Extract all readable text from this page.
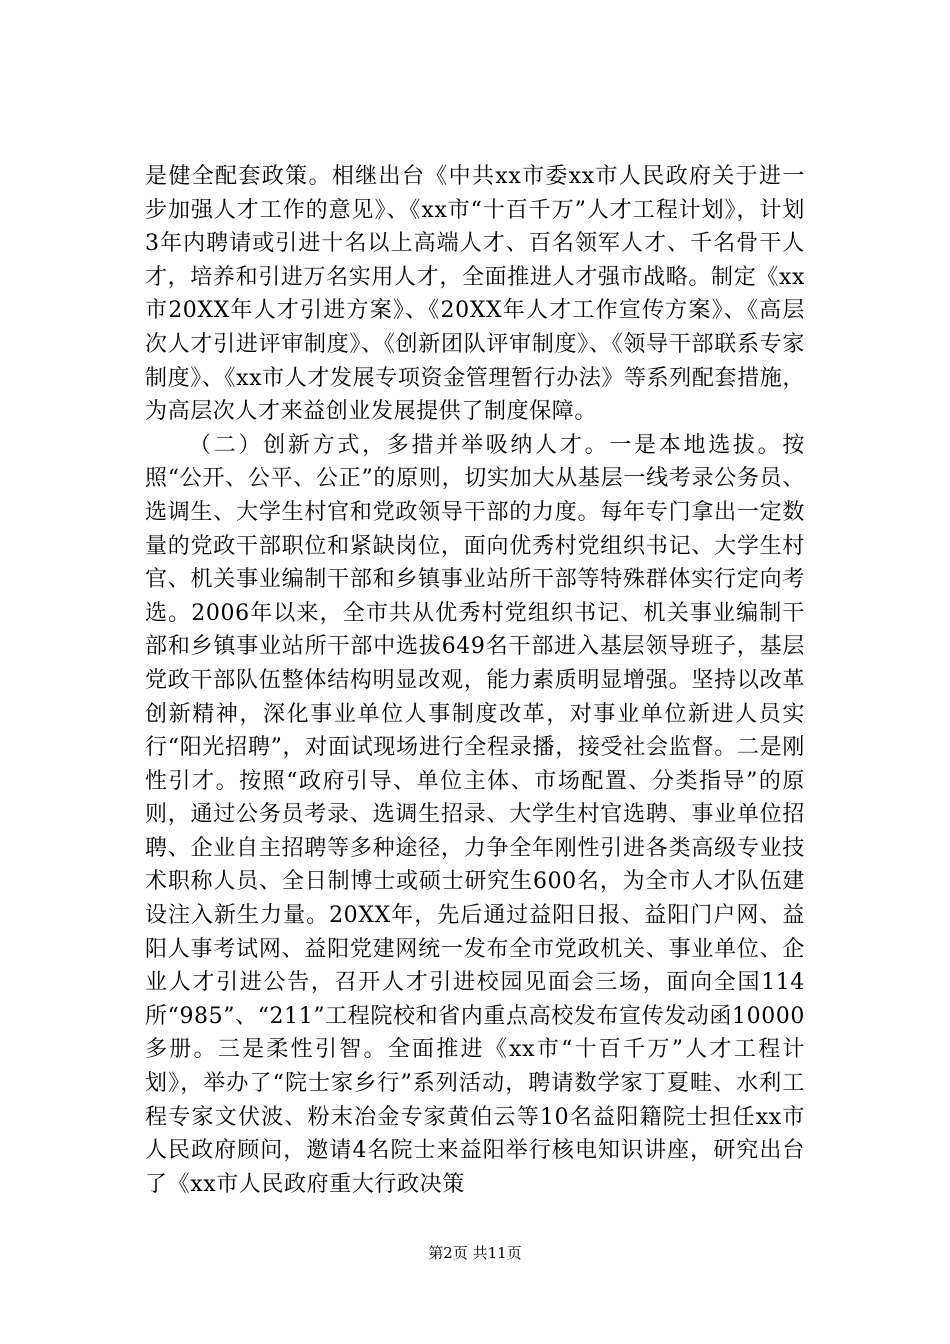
是健全配套政策。相继出台《中共xx市委xx市人民政府关于进一步加强人才工作的意见》、《xx市“十百千万”人才工程计划》，计划3年内聘请或引进十名以上高端人才、百名领军人才、千名骨干人才，培养和引进万名实用人才，全面推进人才强市战略。制定《xx市20XX年人才引进方案》、《20XX年人才工作宣传方案》、《高层次人才引进评审制度》、《创新团队评审制度》、《领导干部联系专家制度》、《xx市人才发展专项资金管理暂行办法》等系列配套措施，为高层次人才来益创业发展提供了制度保障。

（二）创新方式，多措并举吸纳人才。一是本地选拔。按照“公开、公平、公正”的原则，切实加大从基层一线考录公务员、选调生、大学生村官和党政领导干部的力度。每年专门拿出一定数量的党政干部职位和紧缺岗位，面向优秀村党组织书记、大学生村官、机关事业编制干部和乡镇事业站所干部等特殊群体实行定向考选。2006年以来，全市共从优秀村党组织书记、机关事业编制干部和乡镇事业站所干部中选拔649名干部进入基层领导班子，基层党政干部队伍整体结构明显改观，能力素质明显增强。坚持以改革创新精神，深化事业单位人事制度改革，对事业单位新进人员实行“阳光招聘”，对面试现场进行全程录播，接受社会监督。二是刚性引才。按照“政府引导、单位主体、市场配置、分类指导”的原则，通过公务员考录、选调生招录、大学生村官选聘、事业单位招聘、企业自主招聘等多种途径，力争全年刚性引进各类高级专业技术职称人员、全日制博士或硕士研究生600名，为全市人才队伍建设注入新生力量。20XX年，先后通过益阳日报、益阳门户网、益阳人事考试网、益阳党建网统一发布全市党政机关、事业单位、企业人才引进公告，召开人才引进校园见面会三场，面向全国114所“985”、“211”工程院校和省内重点高校发布宣传发动函10000多册。三是柔性引智。全面推进《xx市“十百千万”人才工程计划》，举办了“院士家乡行”系列活动，聘请数学家丁夏畦、水利工程专家文伏波、粉末冶金专家黄伯云等10名益阳籍院士担任xx市人民政府顾问，邀请4名院士来益阳举行核电知识讲座，研究出台了《xx市人民政府重大行政决策

第2页 共11页
